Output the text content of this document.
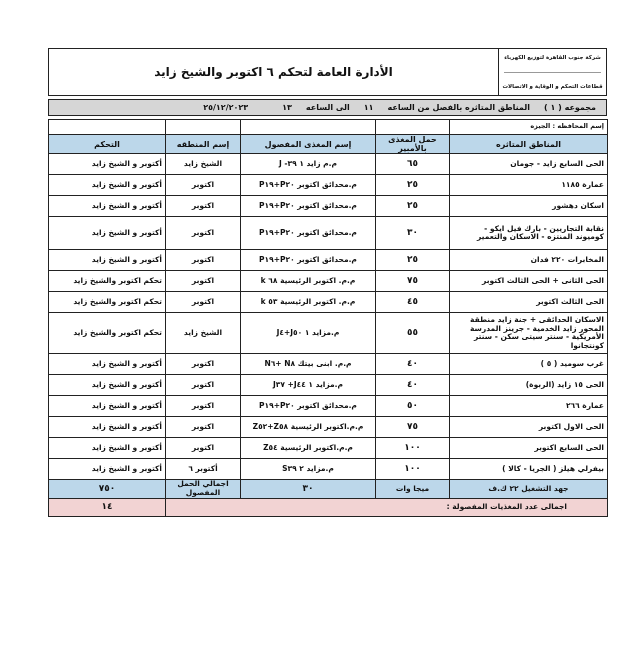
الأدارة العامة لتحكم ٦ اكتوبر والشيخ زايد
شركة جنوب القاهرة لتوزيع الكهرباء
قطاعات التحكم و الوقاية و الاتصالات
مجموعه ( ١ )
المناطق المتاثره بالفصل من الساعه
١١
الى الساعه
١٣
٢٥/١٢/٢٠٢٣
إسم المحافظه : الجيزه				
المناطق المتاثره	حمل المغذى بالأمبير	إسم المغذى المفصول	إسم المنطقه	التحكم
الحى السابع زايد - جومان	٦٥	م.م زايد ١ ٣٩- J	الشيخ زايد	أكتوبر و الشيخ زايد
عمارة ١١٨٥	٢٥	م.محدائق اكتوبر P٢٠+P١٩	اكتوبر	أكتوبر و الشيخ زايد
اسكان دهشور	٢٥	م.محدائق اكتوبر P٢٠+P١٩	اكتوبر	أكتوبر و الشيخ زايد
نقابة التجاريين - بارك فيل ايكو - كوميوند المنتزه - الاسكان والتعمير	٣٠	م.محدائق اكتوبر P٢٠+P١٩	اكتوبر	أكتوبر و الشيخ زايد
المخابرات ٢٢٠ فدان	٢٥	م.محدائق اكتوبر P٢٠+P١٩	اكتوبر	أكتوبر و الشيخ زايد
الحى الثانى + الحى الثالث اكتوبر	٧٥	م.م. اكتوبر الرئيسية ٦٨ k	اكتوبر	تحكم اكتوبر والشيخ زايد
الحى الثالث اكتوبر	٤٥	م.م. اكتوبر الرئيسية ٥٣ k	اكتوبر	تحكم اكتوبر والشيخ زايد
الاسكان الحدائقى + جنة زايد منطقة المحور زايد الخدمية - جرينز المدرسة الأمريكية - سنتر سيتى سكن - سنتر كونتجانوا	٥٥	م.مزايد ١ J٥٠+J٤	الشيخ زايد	تحكم اكتوبر والشيخ زايد
غرب سوميد ( ٥ )	٤٠	م.م. ابنى بيتك N٨ +N٦	اكتوبر	أكتوبر و الشيخ زايد
الحى ١٥ زايد (الربوة)	٤٠	م.مزايد ١ J٤٤+ J٣٧	اكتوبر	أكتوبر و الشيخ زايد
عمارة ٢٦٦	٥٠	م.محدائق اكتوبر P٢٠+P١٩	اكتوبر	أكتوبر و الشيخ زايد
الحى الاول اكتوبر	٧٥	م.م.اكتوبر الرئيسية Z٥٨+Z٥٢	اكتوبر	أكتوبر و الشيخ زايد
الحى السابع اكتوبر	١٠٠	م.م.اكتوبر الرئيسية Z٥٤	اكتوبر	أكتوبر و الشيخ زايد
بيفرلي هيلز ( الجريا - كالا )	١٠٠	م.مزايد ٢ S٣٩	أكتوبر ٦	أكتوبر و الشيخ زايد
جهد التشغيل ٢٢ ك.ف	ميجا وات	٣٠	اجمالي الحمل المفصول	٧٥٠
اجمالى عدد المغذيات المفصولة :				١٤
